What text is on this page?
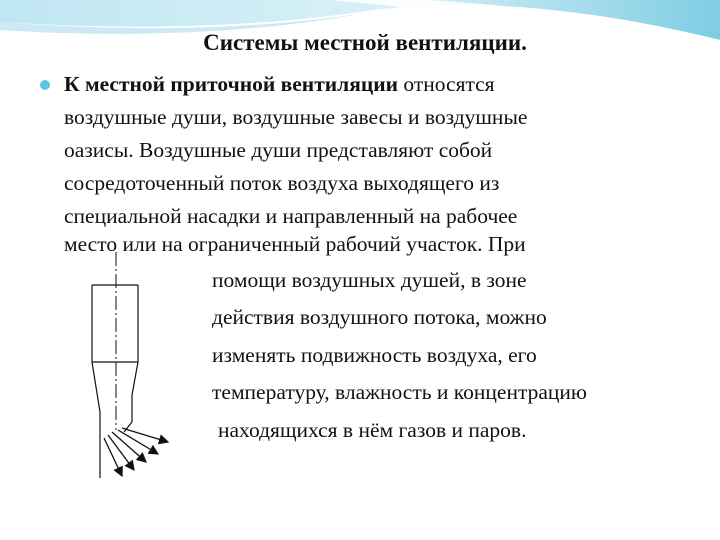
Системы местной вентиляции.
К местной приточной вентиляции относятся
воздушные души, воздушные завесы и воздушные
оазисы. Воздушные души представляют собой
сосредоточенный поток воздуха выходящего из
специальной насадки и направленный на рабочее
место или на ограниченный рабочий участок. При
помощи воздушных душей, в зоне
действия воздушного потока, можно
изменять подвижность воздуха, его
температуру, влажность и концентрацию
находящихся в нём газов и паров.
